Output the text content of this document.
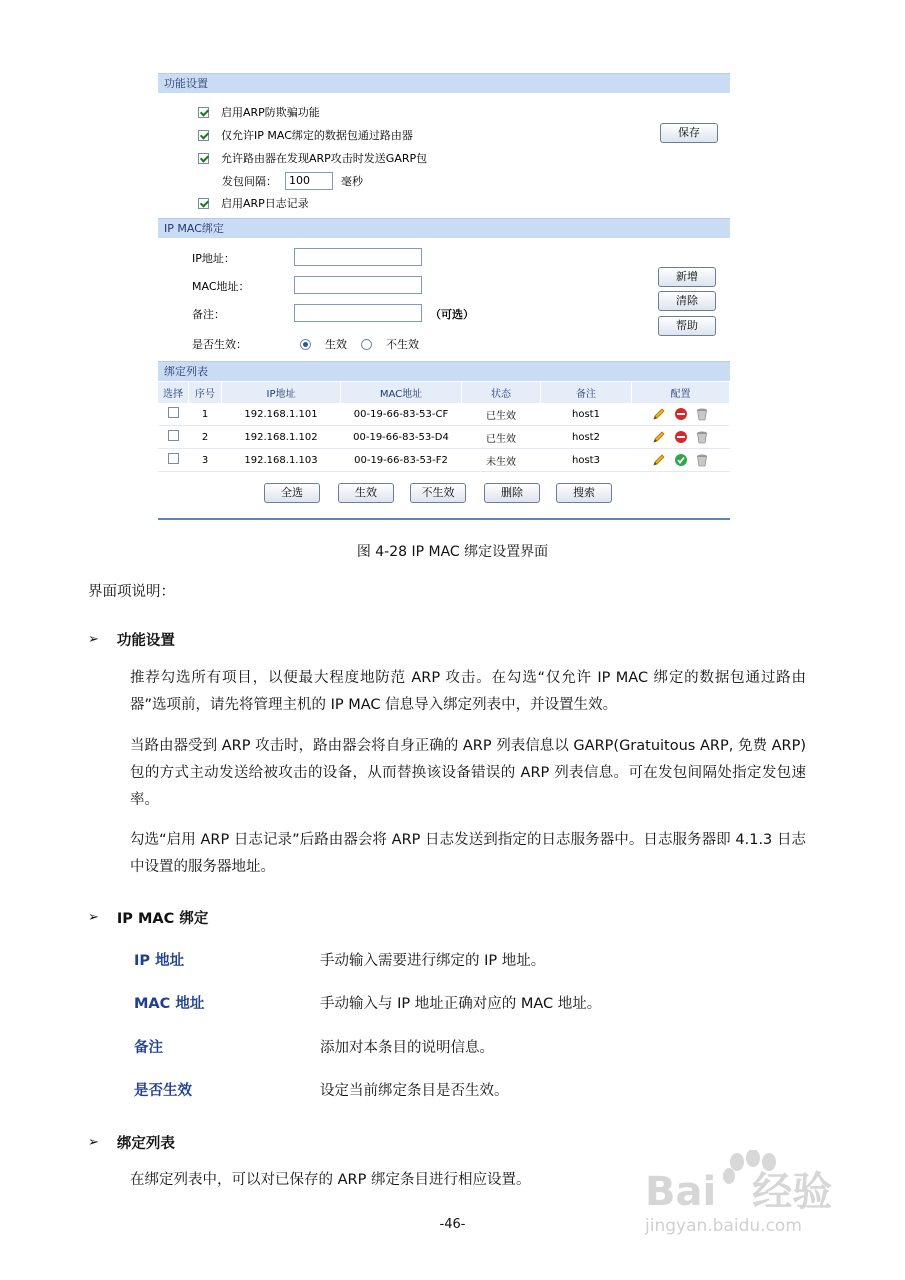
功能设置
启用ARP防欺骗功能
仅允许IP MAC绑定的数据包通过路由器
允许路由器在发现ARP攻击时发送GARP包
发包间隔：	100	毫秒
启用ARP日志记录
保存
IP MAC绑定
IP地址：
MAC地址：
备注：	（可选）
是否生效：	生效	不生效
新增
清除
帮助
绑定列表
选择	序号	IP地址	MAC地址	状态	备注	配置
	1	192.168.1.101	00-19-66-83-53-CF	已生效	host1	
	2	192.168.1.102	00-19-66-83-53-D4	已生效	host2	
	3	192.168.1.103	00-19-66-83-53-F2	未生效	host3	
全选	生效	不生效	删除	搜索
图 4-28 IP MAC 绑定设置界面
界面项说明：
➢ 功能设置
推荐勾选所有项目，以便最大程度地防范 ARP 攻击。在勾选“仅允许 IP MAC 绑定的数据包通过路由器”选项前，请先将管理主机的 IP MAC 信息导入绑定列表中，并设置生效。
当路由器受到 ARP 攻击时，路由器会将自身正确的 ARP 列表信息以 GARP(Gratuitous ARP, 免费 ARP)包的方式主动发送给被攻击的设备，从而替换该设备错误的 ARP 列表信息。可在发包间隔处指定发包速率。
勾选“启用 ARP 日志记录”后路由器会将 ARP 日志发送到指定的日志服务器中。日志服务器即 4.1.3 日志中设置的服务器地址。
➢ IP MAC 绑定
IP 地址	手动输入需要进行绑定的 IP 地址。
MAC 地址	手动输入与 IP 地址正确对应的 MAC 地址。
备注	添加对本条目的说明信息。
是否生效	设定当前绑定条目是否生效。
➢ 绑定列表
在绑定列表中，可以对已保存的 ARP 绑定条目进行相应设置。
-46-
Bai 经验
jingyan.baidu.com
